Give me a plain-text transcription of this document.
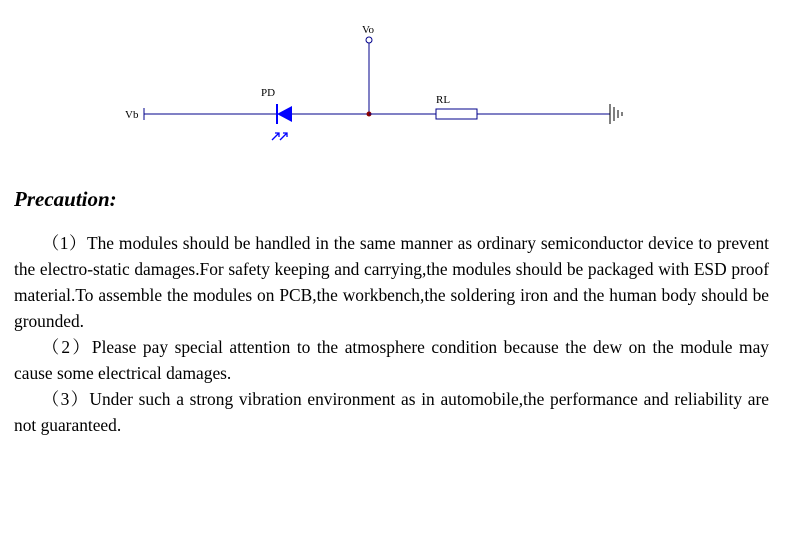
Vo
Vb
PD
RL
Precaution:

（1）The modules should be handled in the same manner as ordinary semiconductor device to prevent the electro-static damages.For safety keeping and carrying,the modules should be packaged with ESD proof material.To assemble the modules on PCB,the workbench,the soldering iron and the human body should be grounded.

（2）Please pay special attention to the atmosphere condition because the dew on the module may cause some electrical damages.

（3）Under such a strong vibration environment as in automobile,the performance and reliability are not guaranteed.
